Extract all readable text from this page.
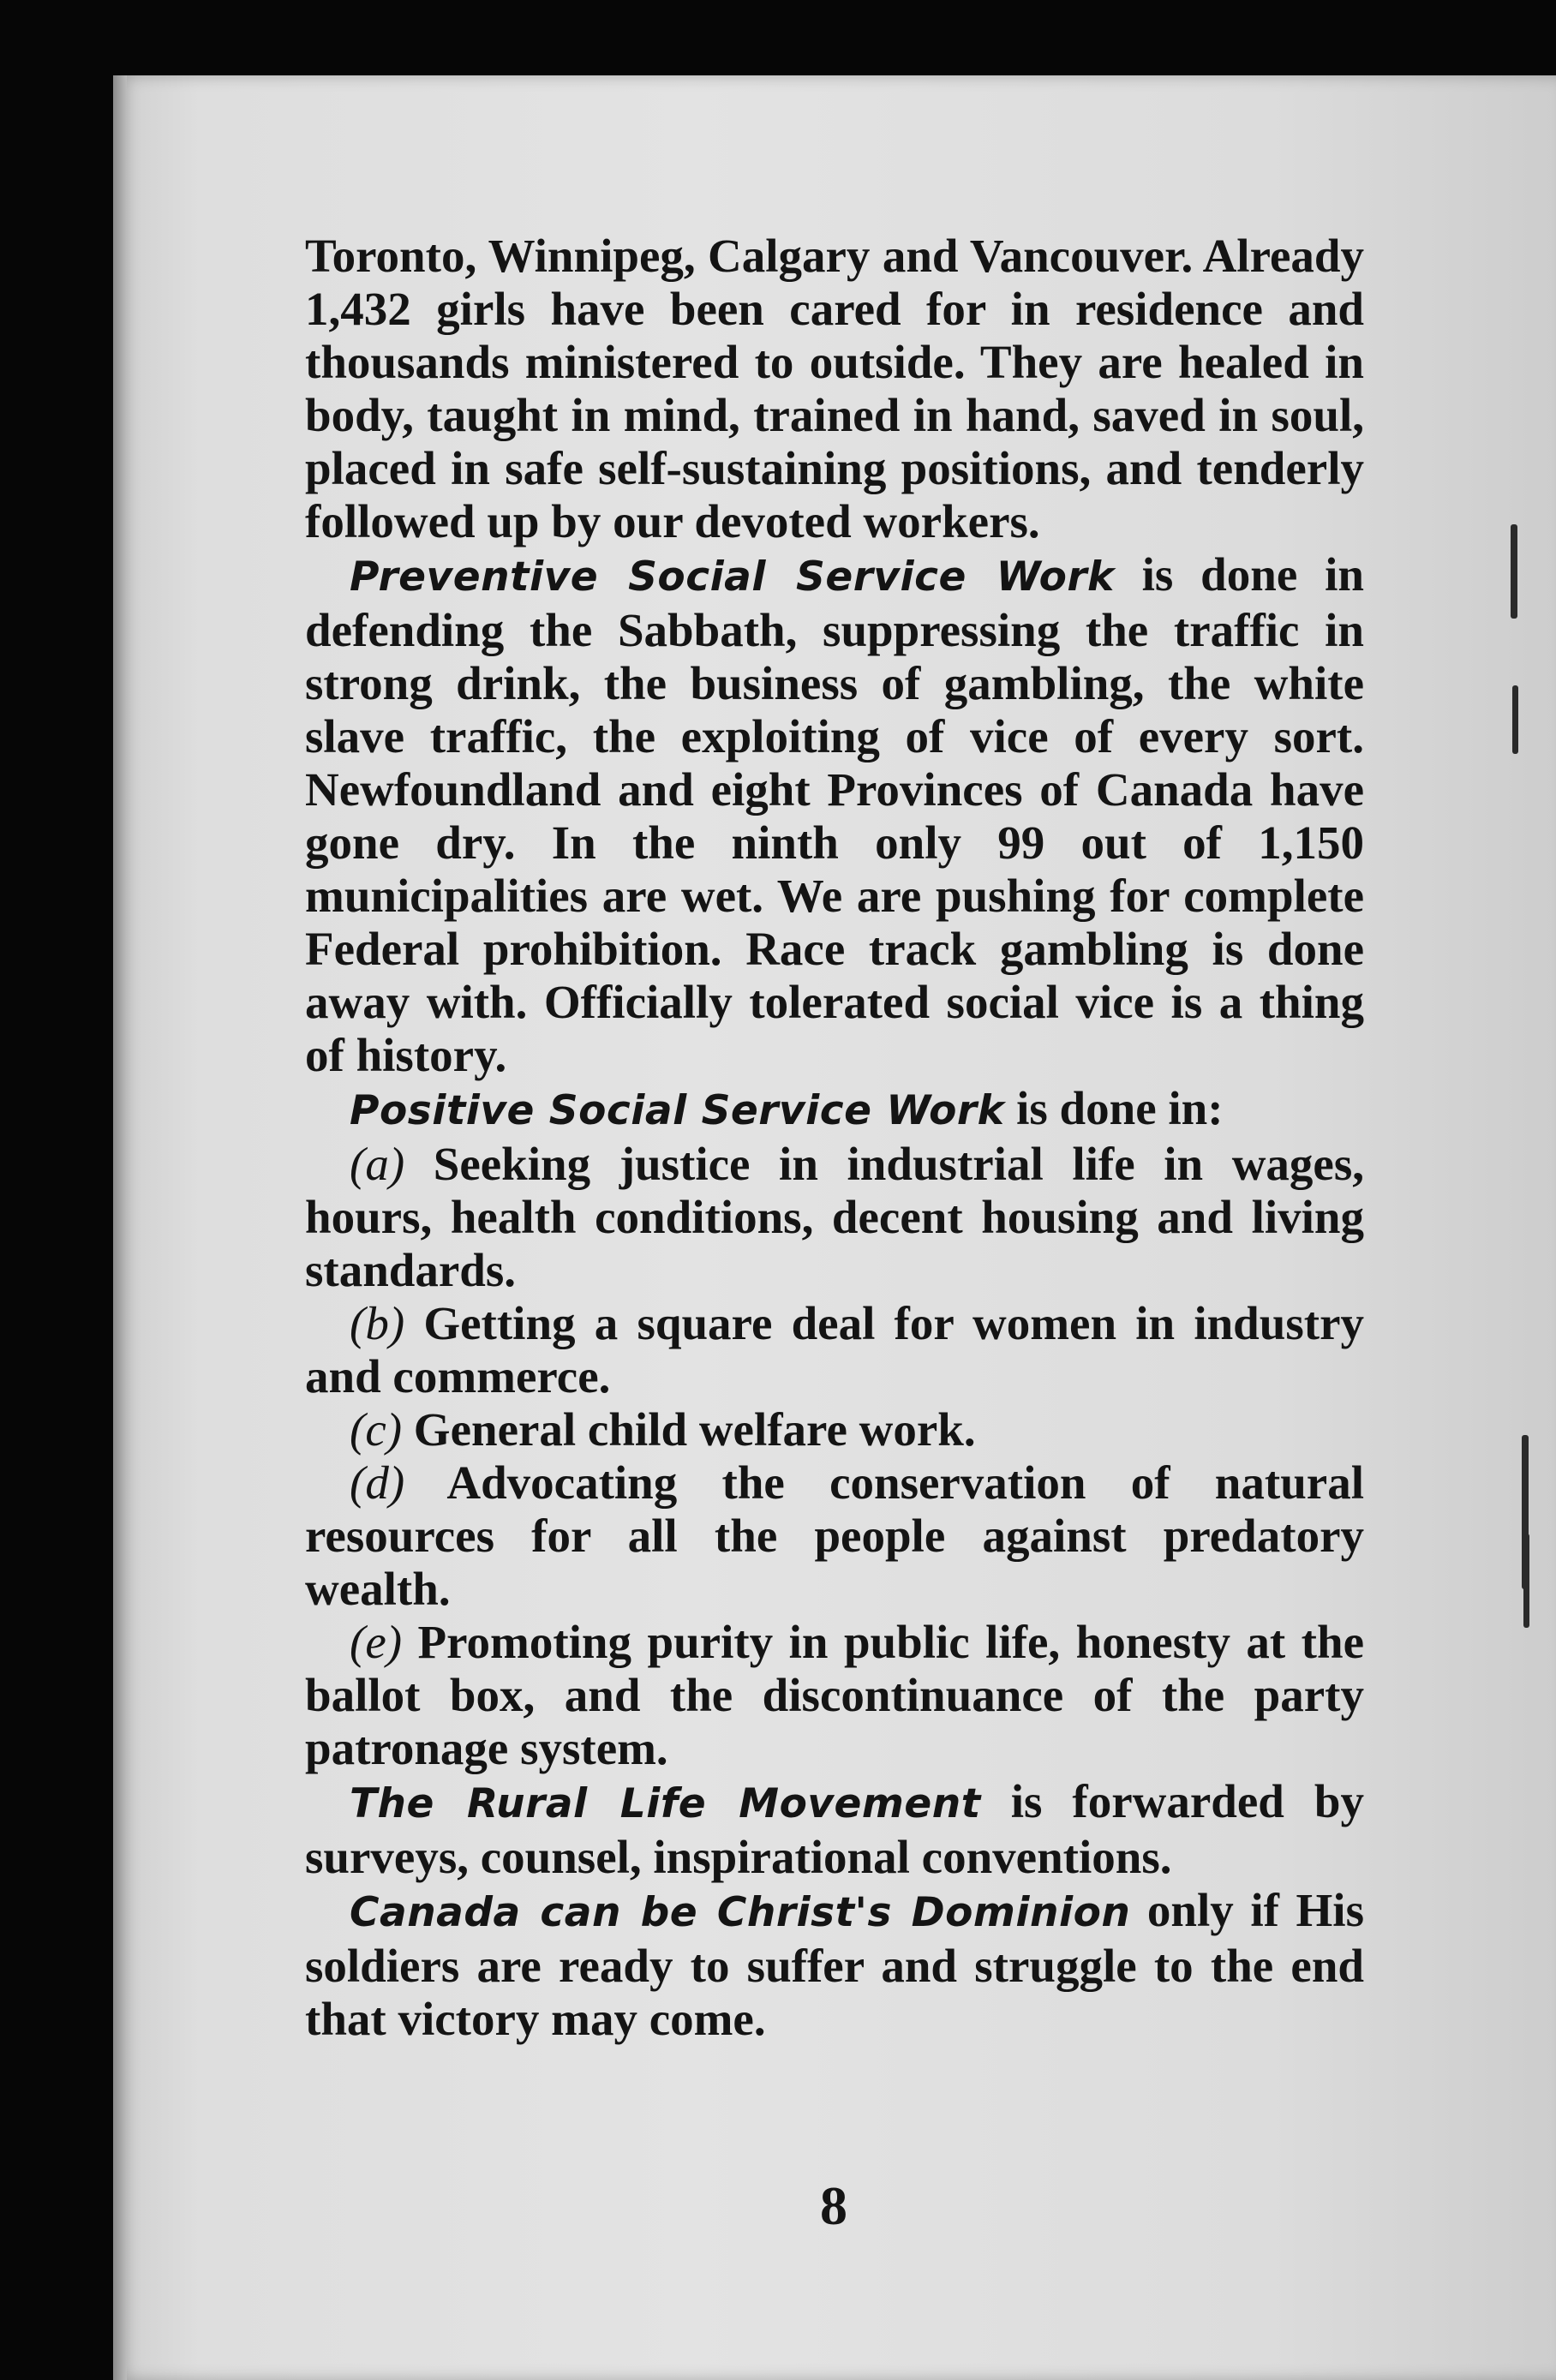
Toronto, Winnipeg, Calgary and Vancouver. Already 1,432 girls have been cared for in residence and thousands ministered to outside. They are healed in body, taught in mind, trained in hand, saved in soul, placed in safe self-sustaining positions, and tenderly followed up by our devoted workers.

Preventive Social Service Work is done in defending the Sabbath, suppressing the traffic in strong drink, the business of gambling, the white slave traffic, the exploiting of vice of every sort. Newfoundland and eight Provinces of Canada have gone dry. In the ninth only 99 out of 1,150 municipalities are wet. We are pushing for complete Federal prohibition. Race track gambling is done away with. Officially tolerated social vice is a thing of history.

Positive Social Service Work is done in:

(a) Seeking justice in industrial life in wages, hours, health conditions, decent housing and living standards.

(b) Getting a square deal for women in industry and commerce.

(c) General child welfare work.

(d) Advocating the conservation of natural resources for all the people against predatory wealth.

(e) Promoting purity in public life, honesty at the ballot box, and the discontinuance of the party patronage system.

The Rural Life Movement is forwarded by surveys, counsel, inspirational conventions.

Canada can be Christ's Dominion only if His soldiers are ready to suffer and struggle to the end that victory may come.

8
